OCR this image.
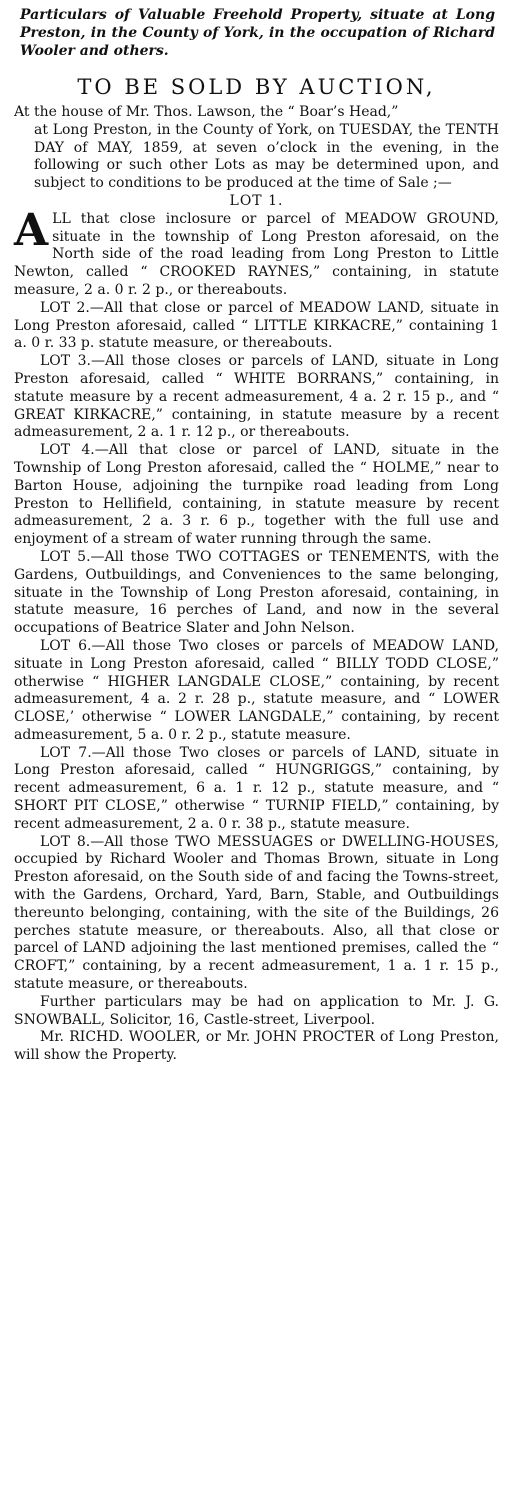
Particulars of Valuable Freehold Property, situate at Long Preston, in the County of York, in the occupation of Richard Wooler and others.

TO BE SOLD BY AUCTION,

At the house of Mr. Thos. Lawson, the “ Boar’s Head,”
at Long Preston, in the County of York, on TUESDAY, the TENTH DAY of MAY, 1859, at seven o’clock in the evening, in the following or such other Lots as may be determined upon, and subject to conditions to be produced at the time of Sale ;—

LOT 1.

A LL that close inclosure or parcel of MEADOW GROUND, situate in the township of Long Preston aforesaid, on the North side of the road leading from Long Preston to Little Newton, called “ CROOKED RAYNES,” containing, in statute measure, 2 a. 0 r. 2 p., or thereabouts.

LOT 2.—All that close or parcel of MEADOW LAND, situate in Long Preston aforesaid, called “ LITTLE KIRKACRE,” containing 1 a. 0 r. 33 p. statute measure, or thereabouts.

LOT 3.—All those closes or parcels of LAND, situate in Long Preston aforesaid, called “ WHITE BORRANS,” containing, in statute measure by a recent admeasurement, 4 a. 2 r. 15 p., and “ GREAT KIRKACRE,” containing, in statute measure by a recent admeasurement, 2 a. 1 r. 12 p., or thereabouts.

LOT 4.—All that close or parcel of LAND, situate in the Township of Long Preston aforesaid, called the “ HOLME,” near to Barton House, adjoining the turnpike road leading from Long Preston to Hellifield, containing, in statute measure by recent admeasurement, 2 a. 3 r. 6 p., together with the full use and enjoyment of a stream of water running through the same.

LOT 5.—All those TWO COTTAGES or TENEMENTS, with the Gardens, Outbuildings, and Conveniences to the same belonging, situate in the Township of Long Preston aforesaid, containing, in statute measure, 16 perches of Land, and now in the several occupations of Beatrice Slater and John Nelson.

LOT 6.—All those Two closes or parcels of MEADOW LAND, situate in Long Preston aforesaid, called “ BILLY TODD CLOSE,” otherwise “ HIGHER LANGDALE CLOSE,” containing, by recent admeasurement, 4 a. 2 r. 28 p., statute measure, and “ LOWER CLOSE,’ otherwise “ LOWER LANGDALE,” containing, by recent admeasurement, 5 a. 0 r. 2 p., statute measure.

LOT 7.—All those Two closes or parcels of LAND, situate in Long Preston aforesaid, called “ HUNGRIGGS,” containing, by recent admeasurement, 6 a. 1 r. 12 p., statute measure, and “ SHORT PIT CLOSE,” otherwise “ TURNIP FIELD,” containing, by recent admeasurement, 2 a. 0 r. 38 p., statute measure.

LOT 8.—All those TWO MESSUAGES or DWELLING-HOUSES, occupied by Richard Wooler and Thomas Brown, situate in Long Preston aforesaid, on the South side of and facing the Towns-street, with the Gardens, Orchard, Yard, Barn, Stable, and Outbuildings thereunto belonging, containing, with the site of the Buildings, 26 perches statute measure, or thereabouts. Also, all that close or parcel of LAND adjoining the last mentioned premises, called the “ CROFT,” containing, by a recent admeasurement, 1 a. 1 r. 15 p., statute measure, or thereabouts.

Further particulars may be had on application to Mr. J. G. SNOWBALL, Solicitor, 16, Castle-street, Liverpool.

Mr. RICHD. WOOLER, or Mr. JOHN PROCTER of Long Preston, will show the Property.
